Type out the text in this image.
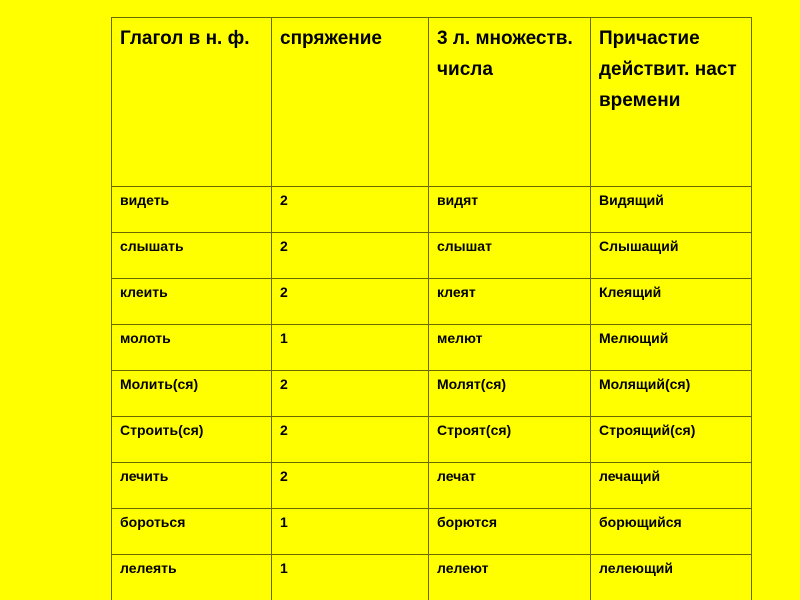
Глагол в н. ф.	спряжение	3 л. множеств. числа	Причастие действит. наст времени
видеть	2	видят	Видящий
слышать	2	слышат	Слышащий
клеить	2	клеят	Клеящий
молоть	1	мелют	Мелющий
Молить(ся)	2	Молят(ся)	Молящий(ся)
Строить(ся)	2	Строят(ся)	Строящий(ся)
лечить	2	лечат	лечащий
бороться	1	борются	борющийся
лелеять	1	лелеют	лелеющий
